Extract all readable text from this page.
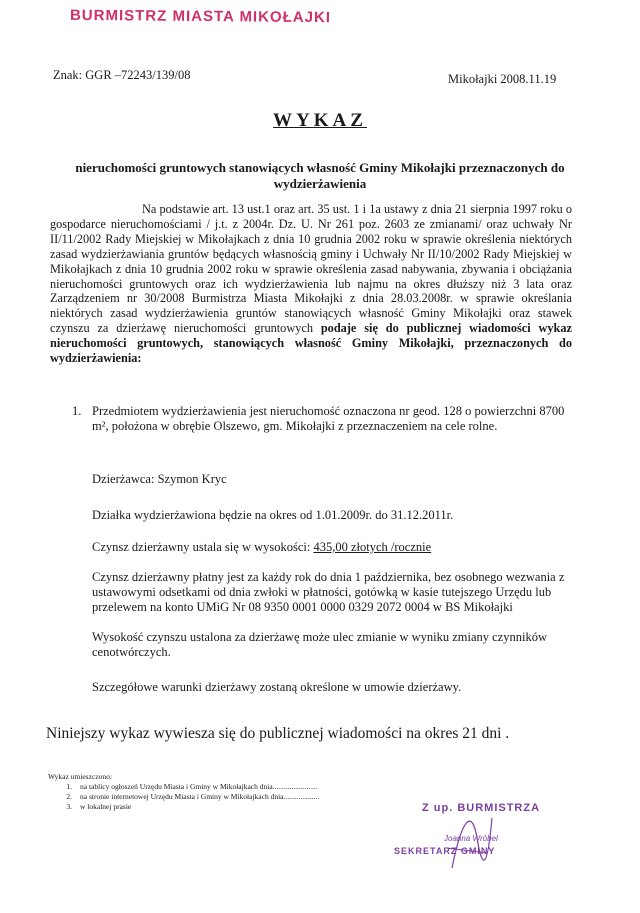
BURMISTRZ MIASTA MIKOŁAJKI
Znak: GGR –72243/139/08	Mikołajki 2008.11.19
WYKAZ
nieruchomości gruntowych stanowiących własność Gminy Mikołajki przeznaczonych do wydzierżawienia
Na podstawie art. 13 ust.1 oraz art. 35 ust. 1 i 1a ustawy z dnia 21 sierpnia 1997 roku o gospodarce nieruchomościami / j.t. z 2004r. Dz. U. Nr 261 poz. 2603 ze zmianami/ oraz uchwały Nr II/11/2002 Rady Miejskiej w Mikołajkach z dnia 10 grudnia 2002 roku w sprawie określenia niektórych zasad wydzierżawiania gruntów będących własnością gminy i Uchwały Nr II/10/2002 Rady Miejskiej w Mikołajkach z dnia 10 grudnia 2002 roku w sprawie określenia zasad nabywania, zbywania i obciążania nieruchomości gruntowych oraz ich wydzierżawienia lub najmu na okres dłuższy niż 3 lata oraz Zarządzeniem nr 30/2008 Burmistrza Miasta Mikołajki z dnia 28.03.2008r. w sprawie określania niektórych zasad wydzierżawienia gruntów stanowiących własność Gminy Mikołajki oraz stawek czynszu za dzierżawę nieruchomości gruntowych podaje się do publicznej wiadomości wykaz nieruchomości gruntowych, stanowiących własność Gminy Mikołajki, przeznaczonych do wydzierżawienia:
1. Przedmiotem wydzierżawienia jest nieruchomość oznaczona nr geod. 128 o powierzchni 8700 m², położona w obrębie Olszewo, gm. Mikołajki z przeznaczeniem na cele rolne.
Dzierżawca: Szymon Kryc
Działka wydzierżawiona będzie na okres od 1.01.2009r. do 31.12.2011r.
Czynsz dzierżawny ustala się w wysokości: 435,00 złotych /rocznie
Czynsz dzierżawny płatny jest za każdy rok do dnia 1 października, bez osobnego wezwania z ustawowymi odsetkami od dnia zwłoki w płatności, gotówką w kasie tutejszego Urzędu lub przelewem na konto UMiG Nr 08 9350 0001 0000 0329 2072 0004 w BS Mikołajki
Wysokość czynszu ustalona za dzierżawę może ulec zmianie w wyniku zmiany czynników cenotwórczych.
Szczegółowe warunki dzierżawy zostaną określone w umowie dzierżawy.
Niniejszy wykaz wywiesza się do publicznej wiadomości na okres 21 dni .
Wykaz umieszczono:
1.	na tablicy ogłoszeń Urzędu Miasta i Gminy w Mikołajkach dnia........................
2.	na stronie internetowej Urzędu Miasta i Gminy w Mikołajkach dnia...................
3.	w lokalnej prasie	Z up. BURMISTRZA
Joanna Wróbel
SEKRETARZ GMINY
